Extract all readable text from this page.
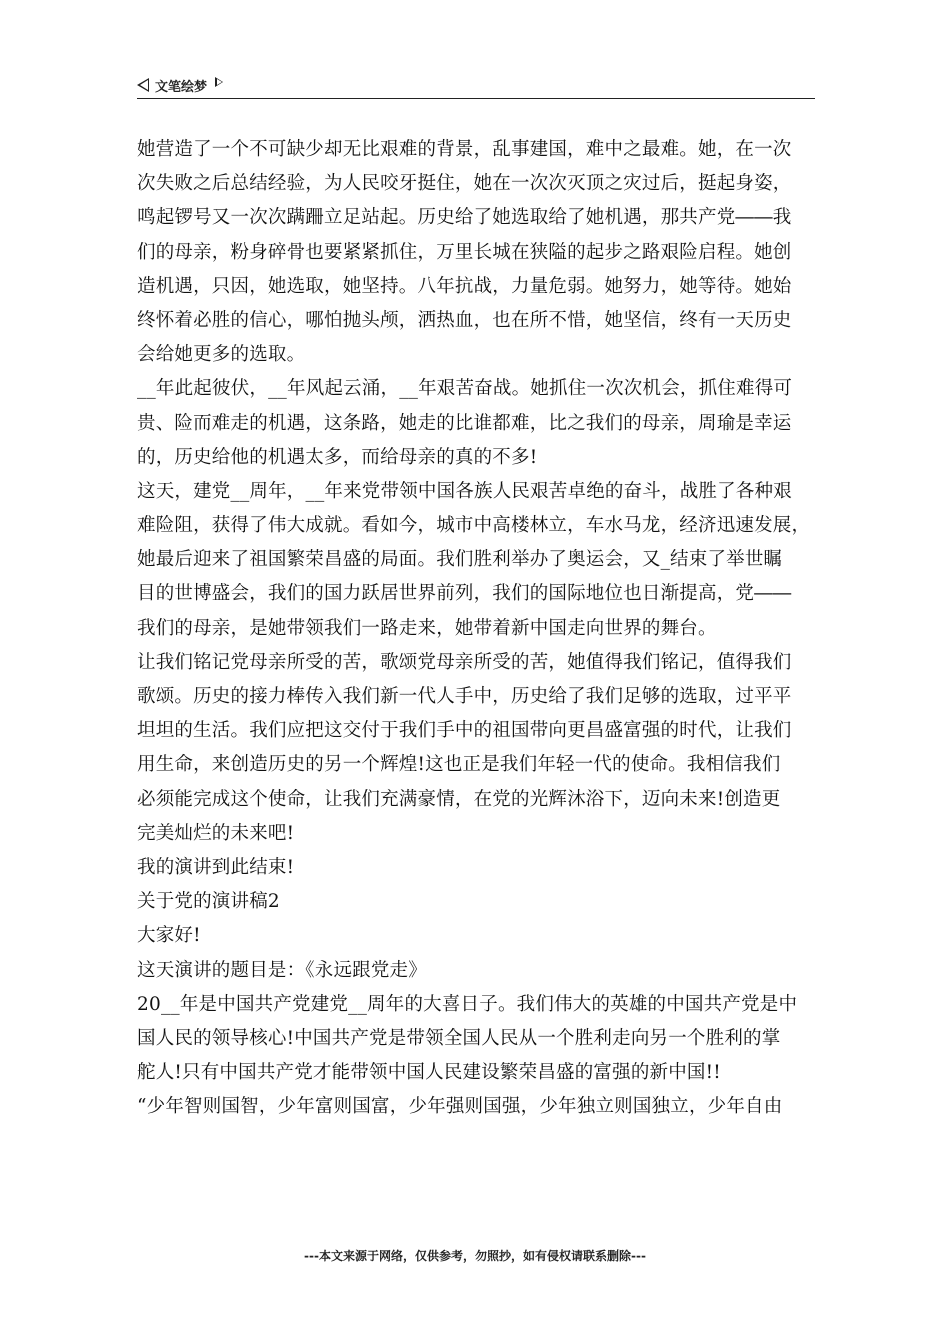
文笔绘梦
她营造了一个不可缺少却无比艰难的背景，乱事建国，难中之最难。她，在一次
次失败之后总结经验，为人民咬牙挺住，她在一次次灭顶之灾过后，挺起身姿，
鸣起锣号又一次次蹒跚立足站起。历史给了她选取给了她机遇，那共产党――我
们的母亲，粉身碎骨也要紧紧抓住，万里长城在狭隘的起步之路艰险启程。她创
造机遇，只因，她选取，她坚持。八年抗战，力量危弱。她努力，她等待。她始
终怀着必胜的信心，哪怕抛头颅，洒热血，也在所不惜，她坚信，终有一天历史
会给她更多的选取。
__年此起彼伏，__年风起云涌，__年艰苦奋战。她抓住一次次机会，抓住难得可
贵、险而难走的机遇，这条路，她走的比谁都难，比之我们的母亲，周瑜是幸运
的，历史给他的机遇太多，而给母亲的真的不多!
这天，建党__周年，__年来党带领中国各族人民艰苦卓绝的奋斗，战胜了各种艰
难险阻，获得了伟大成就。看如今，城市中高楼林立，车水马龙，经济迅速发展，
她最后迎来了祖国繁荣昌盛的局面。我们胜利举办了奥运会，又_结束了举世瞩
目的世博盛会，我们的国力跃居世界前列，我们的国际地位也日渐提高，党――
我们的母亲，是她带领我们一路走来，她带着新中国走向世界的舞台。
让我们铭记党母亲所受的苦，歌颂党母亲所受的苦，她值得我们铭记，值得我们
歌颂。历史的接力棒传入我们新一代人手中，历史给了我们足够的选取，过平平
坦坦的生活。我们应把这交付于我们手中的祖国带向更昌盛富强的时代，让我们
用生命，来创造历史的另一个辉煌!这也正是我们年轻一代的使命。我相信我们
必须能完成这个使命，让我们充满豪情，在党的光辉沐浴下，迈向未来!创造更
完美灿烂的未来吧!
我的演讲到此结束!
关于党的演讲稿2
大家好!
这天演讲的题目是：《永远跟党走》
20__年是中国共产党建党__周年的大喜日子。我们伟大的英雄的中国共产党是中
国人民的领导核心!中国共产党是带领全国人民从一个胜利走向另一个胜利的掌
舵人!只有中国共产党才能带领中国人民建设繁荣昌盛的富强的新中国!!
“少年智则国智，少年富则国富，少年强则国强，少年独立则国独立，少年自由
---本文来源于网络，仅供参考，勿照抄，如有侵权请联系删除---
